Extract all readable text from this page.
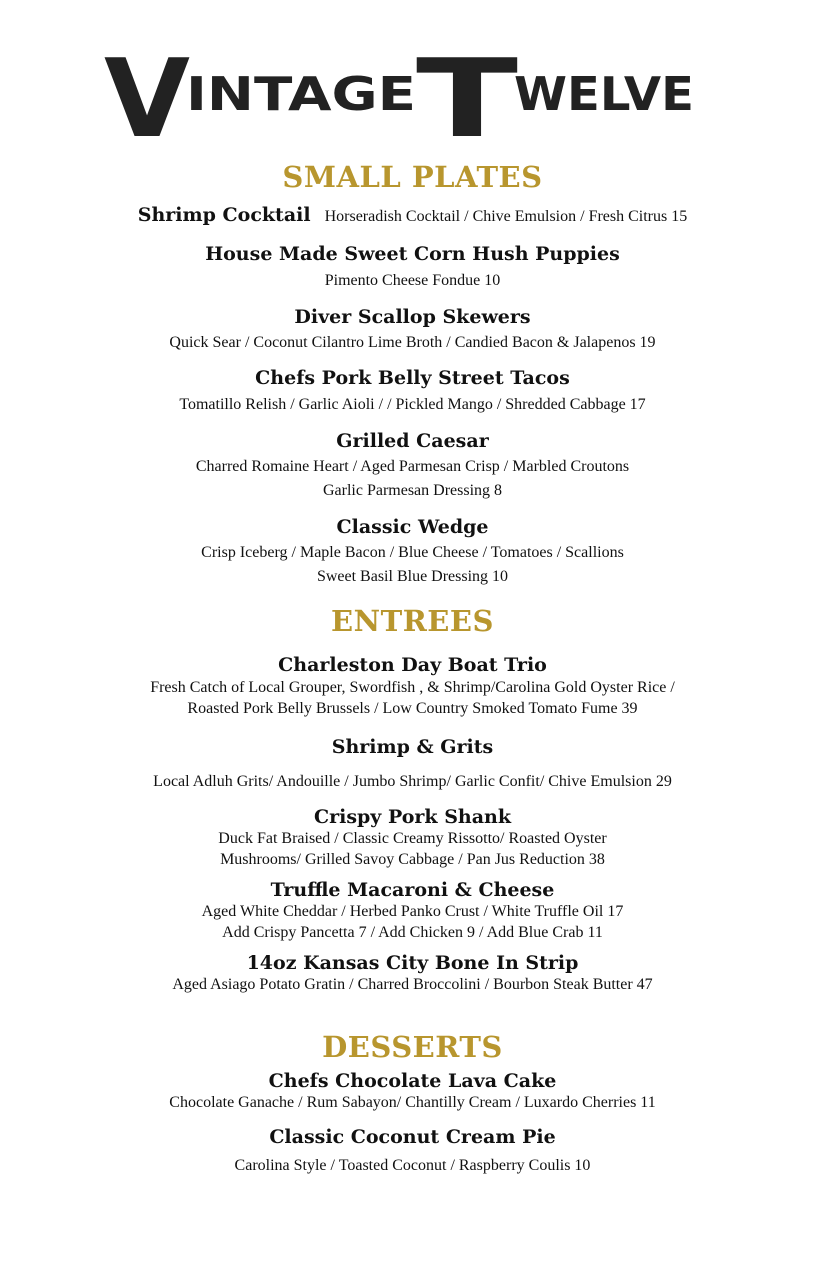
V
INTAGE T
WELVE
SMALL PLATES
Shrimp Cocktail Horseradish Cocktail / Chive Emulsion / Fresh Citrus 15
House Made Sweet Corn Hush Puppies
Pimento Cheese Fondue 10
Diver Scallop Skewers
Quick Sear / Coconut Cilantro Lime Broth / Candied Bacon & Jalapenos 19
Chefs Pork Belly Street Tacos
Tomatillo Relish / Garlic Aioli / / Pickled Mango / Shredded Cabbage 17
Grilled Caesar
Charred Romaine Heart / Aged Parmesan Crisp / Marbled Croutons
Garlic Parmesan Dressing 8
Classic Wedge
Crisp Iceberg / Maple Bacon / Blue Cheese / Tomatoes / Scallions
Sweet Basil Blue Dressing 10
ENTREES
Charleston Day Boat Trio
Fresh Catch of Local Grouper, Swordfish , & Shrimp/Carolina Gold Oyster Rice /
Roasted Pork Belly Brussels / Low Country Smoked Tomato Fume 39
Shrimp & Grits
Local Adluh Grits/ Andouille / Jumbo Shrimp/ Garlic Confit/ Chive Emulsion 29
Crispy Pork Shank
Duck Fat Braised / Classic Creamy Rissotto/ Roasted Oyster
Mushrooms/ Grilled Savoy Cabbage / Pan Jus Reduction 38
Truffle Macaroni & Cheese
Aged White Cheddar / Herbed Panko Crust / White Truffle Oil 17
Add Crispy Pancetta 7 / Add Chicken 9 / Add Blue Crab 11
14oz Kansas City Bone In Strip
Aged Asiago Potato Gratin / Charred Broccolini / Bourbon Steak Butter 47
DESSERTS
Chefs Chocolate Lava Cake
Chocolate Ganache / Rum Sabayon/ Chantilly Cream / Luxardo Cherries 11
Classic Coconut Cream Pie
Carolina Style / Toasted Coconut / Raspberry Coulis 10
